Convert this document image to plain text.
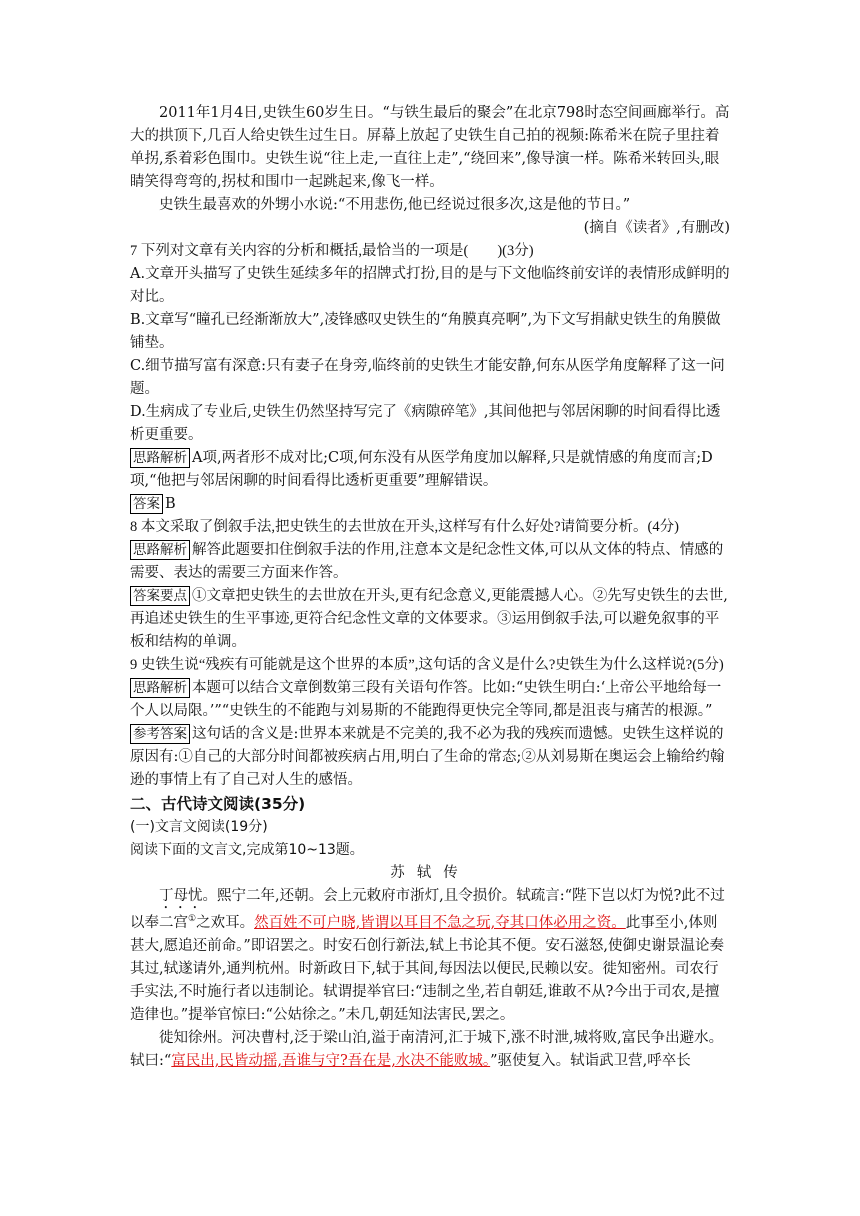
2011年1月4日,史铁生60岁生日。“与铁生最后的聚会”在北京798时态空间画廊举行。高大的拱顶下,几百人给史铁生过生日。屏幕上放起了史铁生自己拍的视频:陈希米在院子里拄着单拐,系着彩色围巾。史铁生说“往上走,一直往上走”,“绕回来”,像导演一样。陈希米转回头,眼睛笑得弯弯的,拐杖和围巾一起跳起来,像飞一样。

史铁生最喜欢的外甥小水说:“不用悲伤,他已经说过很多次,这是他的节日。”

(摘自《读者》,有删改)

7 下列对文章有关内容的分析和概括,最恰当的一项是(　　)(3分)

A.文章开头描写了史铁生延续多年的招牌式打扮,目的是与下文他临终前安详的表情形成鲜明的对比。

B.文章写“瞳孔已经渐渐放大”,凌锋感叹史铁生的“角膜真亮啊”,为下文写捐献史铁生的角膜做铺垫。

C.细节描写富有深意:只有妻子在身旁,临终前的史铁生才能安静,何东从医学角度解释了这一问题。

D.生病成了专业后,史铁生仍然坚持写完了《病隙碎笔》,其间他把与邻居闲聊的时间看得比透析更重要。

思路解析 A项,两者形不成对比;C项,何东没有从医学角度加以解释,只是就情感的角度而言;D项,“他把与邻居闲聊的时间看得比透析更重要”理解错误。

答案 B

8 本文采取了倒叙手法,把史铁生的去世放在开头,这样写有什么好处?请简要分析。(4分)

思路解析 解答此题要扣住倒叙手法的作用,注意本文是纪念性文体,可以从文体的特点、情感的需要、表达的需要三方面来作答。

答案要点 ①文章把史铁生的去世放在开头,更有纪念意义,更能震撼人心。②先写史铁生的去世,再追述史铁生的生平事迹,更符合纪念性文章的文体要求。③运用倒叙手法,可以避免叙事的平板和结构的单调。

9 史铁生说“残疾有可能就是这个世界的本质”,这句话的含义是什么?史铁生为什么这样说?(5分)

思路解析 本题可以结合文章倒数第三段有关语句作答。比如:“史铁生明白:‘上帝公平地给每一个人以局限。’”“史铁生的不能跑与刘易斯的不能跑得更快完全等同,都是沮丧与痛苦的根源。”

参考答案 这句话的含义是:世界本来就是不完美的,我不必为我的残疾而遗憾。史铁生这样说的原因有:①自己的大部分时间都被疾病占用,明白了生命的常态;②从刘易斯在奥运会上输给约翰逊的事情上有了自己对人生的感悟。

二、古代诗文阅读(35分)

(一)文言文阅读(19分)

阅读下面的文言文,完成第10~13题。

苏轼传

丁母忧。熙宁二年,还朝。会上元敕府市浙灯,且令损价。轼疏言:“陛下岂以灯为悦?此不过以奉二宫①之欢耳。然百姓不可户晓,皆谓以耳目不急之玩,夺其口体必用之资。此事至小,体则甚大,愿追还前命。”即诏罢之。时安石创行新法,轼上书论其不便。安石滋怒,使御史谢景温论奏其过,轼遂请外,通判杭州。时新政日下,轼于其间,每因法以便民,民赖以安。徙知密州。司农行手实法,不时施行者以违制论。轼谓提举官曰:“违制之坐,若自朝廷,谁敢不从?今出于司农,是擅造律也。”提举官惊曰:“公姑徐之。”未几,朝廷知法害民,罢之。

徙知徐州。河决曹村,泛于梁山泊,溢于南清河,汇于城下,涨不时泄,城将败,富民争出避水。轼曰:“富民出,民皆动摇,吾谁与守?吾在是,水决不能败城。”驱使复入。轼诣武卫营,呼卒长
